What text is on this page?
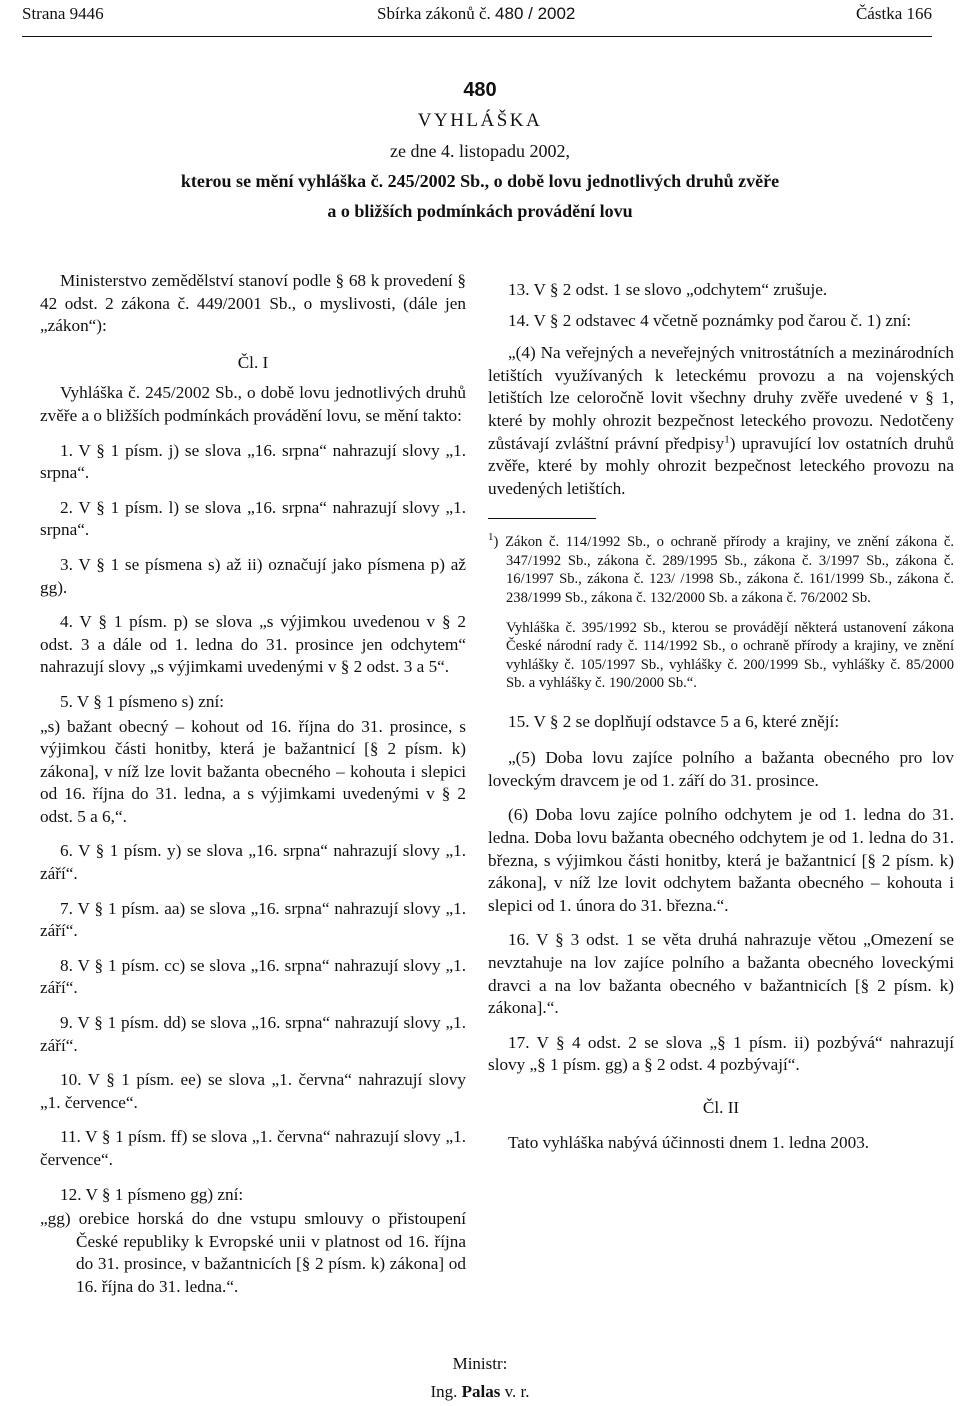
Strana 9446	Sbírka zákonů č. 480 / 2002	Částka 166
480
VYHLÁŠKA
ze dne 4. listopadu 2002,
kterou se mění vyhláška č. 245/2002 Sb., o době lovu jednotlivých druhů zvěře
a o bližších podmínkách provádění lovu

Ministerstvo zemědělství stanoví podle § 68 k provedení § 42 odst. 2 zákona č. 449/2001 Sb., o myslivosti, (dále jen „zákon“):

Čl. I

Vyhláška č. 245/2002 Sb., o době lovu jednotlivých druhů zvěře a o bližších podmínkách provádění lovu, se mění takto:

1. V § 1 písm. j) se slova „16. srpna“ nahrazují slovy „1. srpna“.

2. V § 1 písm. l) se slova „16. srpna“ nahrazují slovy „1. srpna“.

3. V § 1 se písmena s) až ii) označují jako písmena p) až gg).

4. V § 1 písm. p) se slova „s výjimkou uvedenou v § 2 odst. 3 a dále od 1. ledna do 31. prosince jen odchytem“ nahrazují slovy „s výjimkami uvedenými v § 2 odst. 3 a 5“.

5. V § 1 písmeno s) zní:

„s) bažant obecný – kohout od 16. října do 31. prosince, s výjimkou části honitby, která je bažantnicí [§ 2 písm. k) zákona], v níž lze lovit bažanta obecného – kohouta i slepici od 16. října do 31. ledna, a s výjimkami uvedenými v § 2 odst. 5 a 6,“.

6. V § 1 písm. y) se slova „16. srpna“ nahrazují slovy „1. září“.

7. V § 1 písm. aa) se slova „16. srpna“ nahrazují slovy „1. září“.

8. V § 1 písm. cc) se slova „16. srpna“ nahrazují slovy „1. září“.

9. V § 1 písm. dd) se slova „16. srpna“ nahrazují slovy „1. září“.

10. V § 1 písm. ee) se slova „1. června“ nahrazují slovy „1. července“.

11. V § 1 písm. ff) se slova „1. června“ nahrazují slovy „1. července“.

12. V § 1 písmeno gg) zní:

„gg) orebice horská do dne vstupu smlouvy o přistoupení České republiky k Evropské unii v platnost od 16. října do 31. prosince, v bažantnicích [§ 2 písm. k) zákona] od 16. října do 31. ledna.“.

13. V § 2 odst. 1 se slovo „odchytem“ zrušuje.

14. V § 2 odstavec 4 včetně poznámky pod čarou č. 1) zní:

„(4) Na veřejných a neveřejných vnitrostátních a mezinárodních letištích využívaných k leteckému provozu a na vojenských letištích lze celoročně lovit všechny druhy zvěře uvedené v § 1, které by mohly ohrozit bezpečnost leteckého provozu. Nedotčeny zůstávají zvláštní právní předpisy$^1$) upravující lov ostatních druhů zvěře, které by mohly ohrozit bezpečnost leteckého provozu na uvedených letištích.

$^1$) Zákon č. 114/1992 Sb., o ochraně přírody a krajiny, ve znění zákona č. 347/1992 Sb., zákona č. 289/1995 Sb., zákona č. 3/1997 Sb., zákona č. 16/1997 Sb., zákona č. 123/ /1998 Sb., zákona č. 161/1999 Sb., zákona č. 238/1999 Sb., zákona č. 132/2000 Sb. a zákona č. 76/2002 Sb.

Vyhláška č. 395/1992 Sb., kterou se provádějí některá ustanovení zákona České národní rady č. 114/1992 Sb., o ochraně přírody a krajiny, ve znění vyhlášky č. 105/1997 Sb., vyhlášky č. 200/1999 Sb., vyhlášky č. 85/2000 Sb. a vyhlášky č. 190/2000 Sb.“.

15. V § 2 se doplňují odstavce 5 a 6, které znějí:

„(5) Doba lovu zajíce polního a bažanta obecného pro lov loveckým dravcem je od 1. září do 31. prosince.

(6) Doba lovu zajíce polního odchytem je od 1. ledna do 31. ledna. Doba lovu bažanta obecného odchytem je od 1. ledna do 31. března, s výjimkou části honitby, která je bažantnicí [§ 2 písm. k) zákona], v níž lze lovit odchytem bažanta obecného – kohouta i slepici od 1. února do 31. března.“.

16. V § 3 odst. 1 se věta druhá nahrazuje větou „Omezení se nevztahuje na lov zajíce polního a bažanta obecného loveckými dravci a na lov bažanta obecného v bažantnicích [§ 2 písm. k) zákona].“.

17. V § 4 odst. 2 se slova „§ 1 písm. ii) pozbývá“ nahrazují slovy „§ 1 písm. gg) a § 2 odst. 4 pozbývají“.

Čl. II

Tato vyhláška nabývá účinnosti dnem 1. ledna 2003.

Ministr:
Ing. Palas v. r.
